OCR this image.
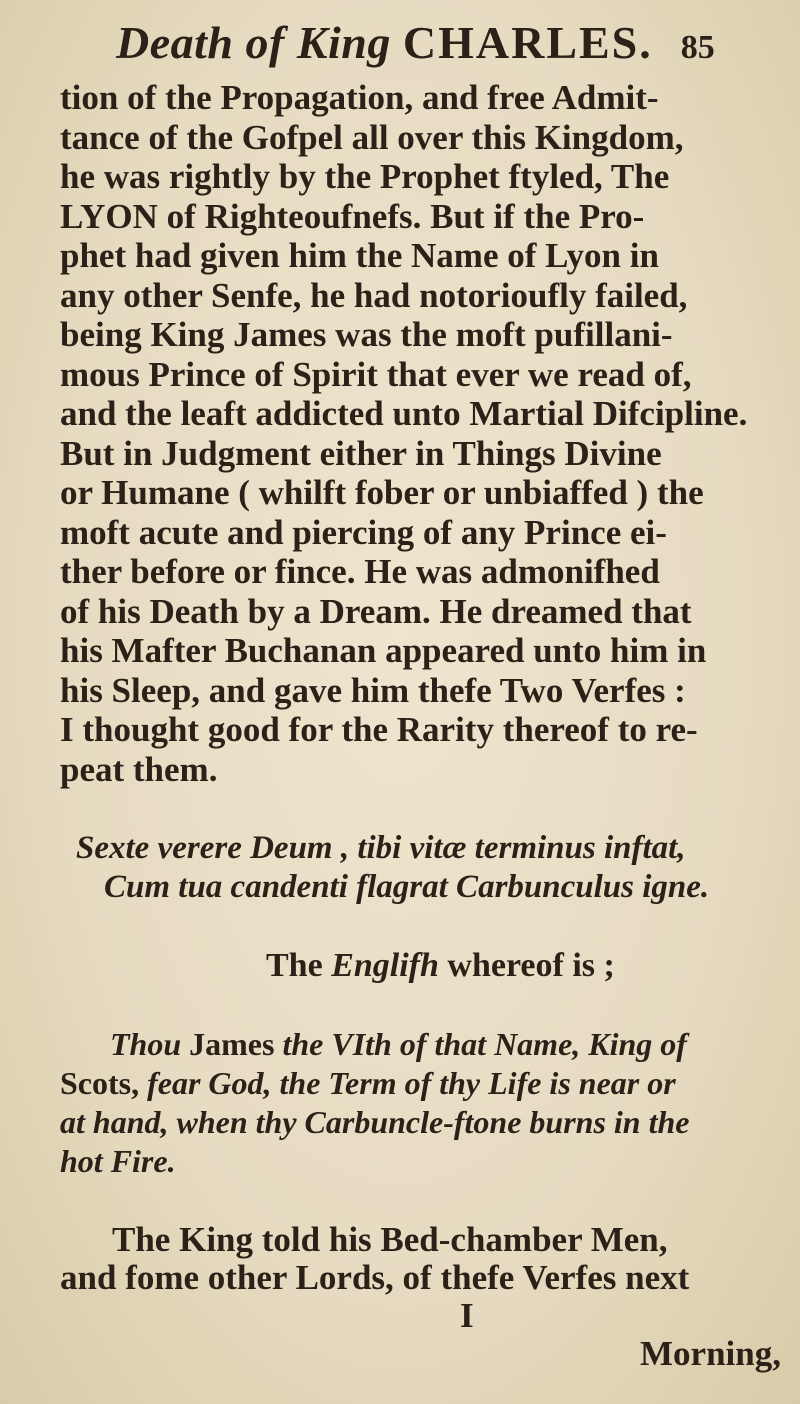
Death of King CHARLES. 85
tion of the Propagation, and free Admit-
tance of the Gofpel all over this Kingdom,
he was rightly by the Prophet ftyled, The
LYON of Righteoufnefs. But if the Pro-
phet had given him the Name of Lyon in
any other Senfe, he had notorioufly failed,
being King James was the moft pufillani-
mous Prince of Spirit that ever we read of,
and the leaft addicted unto Martial Difcipline.
But in Judgment either in Things Divine
or Humane ( whilft fober or unbiaffed ) the
moft acute and piercing of any Prince ei-
ther before or fince. He was admonifhed
of his Death by a Dream. He dreamed that
his Mafter Buchanan appeared unto him in
his Sleep, and gave him thefe Two Verfes :
I thought good for the Rarity thereof to re-
peat them.
Sexte verere Deum , tibi vitæ terminus inftat,
Cum tua candenti flagrat Carbunculus igne.
The Englifh whereof is ;
Thou James the VIth of that Name, King of
Scots, fear God, the Term of thy Life is near or
at hand, when thy Carbuncle-ftone burns in the
hot Fire.
The King told his Bed-chamber Men,
and fome other Lords, of thefe Verfes next
I
Morning,
